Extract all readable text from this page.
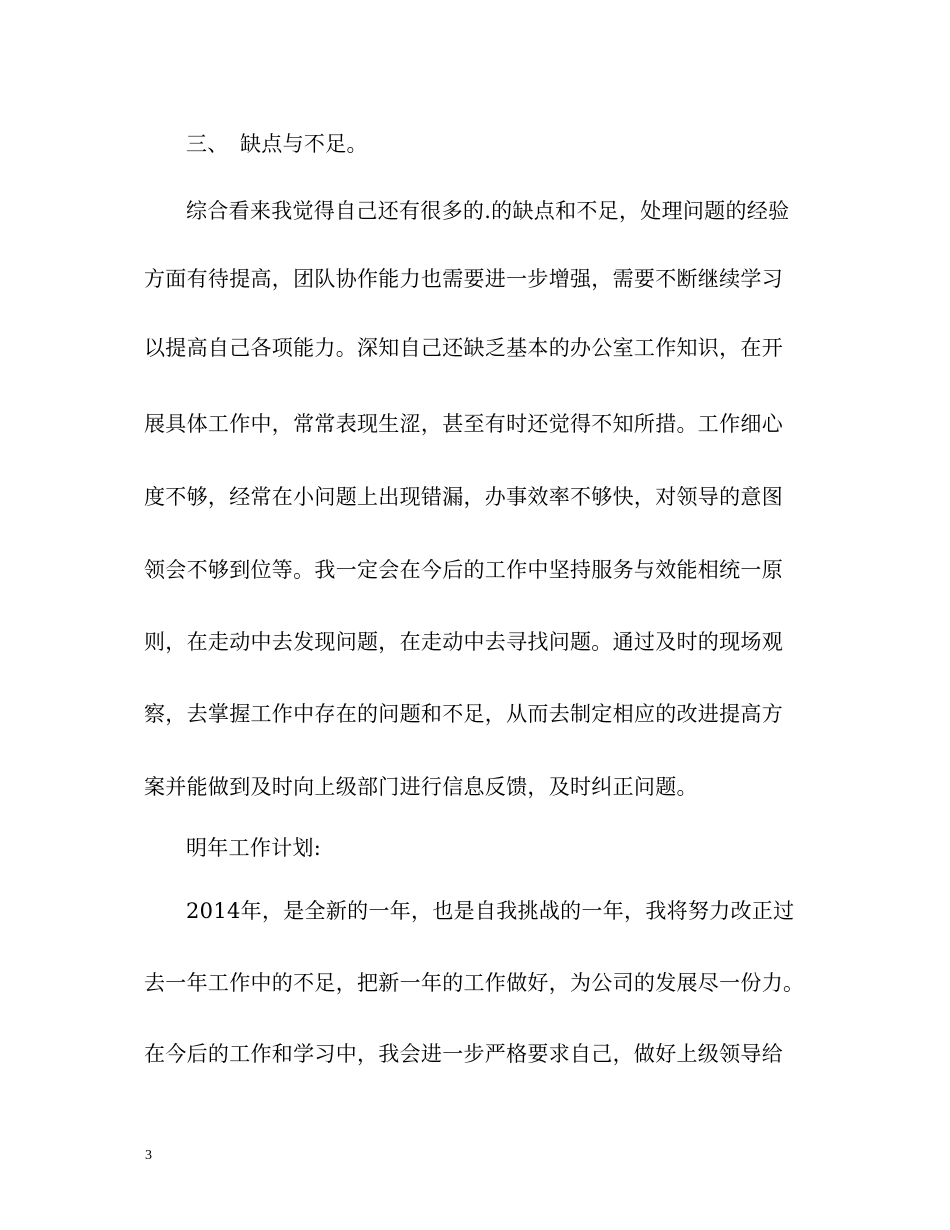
三、 缺点与不足。
综合看来我觉得自己还有很多的.的缺点和不足，处理问题的经验
方面有待提高，团队协作能力也需要进一步增强，需要不断继续学习
以提高自己各项能力。深知自己还缺乏基本的办公室工作知识，在开
展具体工作中，常常表现生涩，甚至有时还觉得不知所措。工作细心
度不够，经常在小问题上出现错漏，办事效率不够快，对领导的意图
领会不够到位等。我一定会在今后的工作中坚持服务与效能相统一原
则，在走动中去发现问题，在走动中去寻找问题。通过及时的现场观
察，去掌握工作中存在的问题和不足，从而去制定相应的改进提高方
案并能做到及时向上级部门进行信息反馈，及时纠正问题。
明年工作计划:
2014年，是全新的一年，也是自我挑战的一年，我将努力改正过
去一年工作中的不足，把新一年的工作做好，为公司的发展尽一份力。
在今后的工作和学习中，我会进一步严格要求自己，做好上级领导给
3
